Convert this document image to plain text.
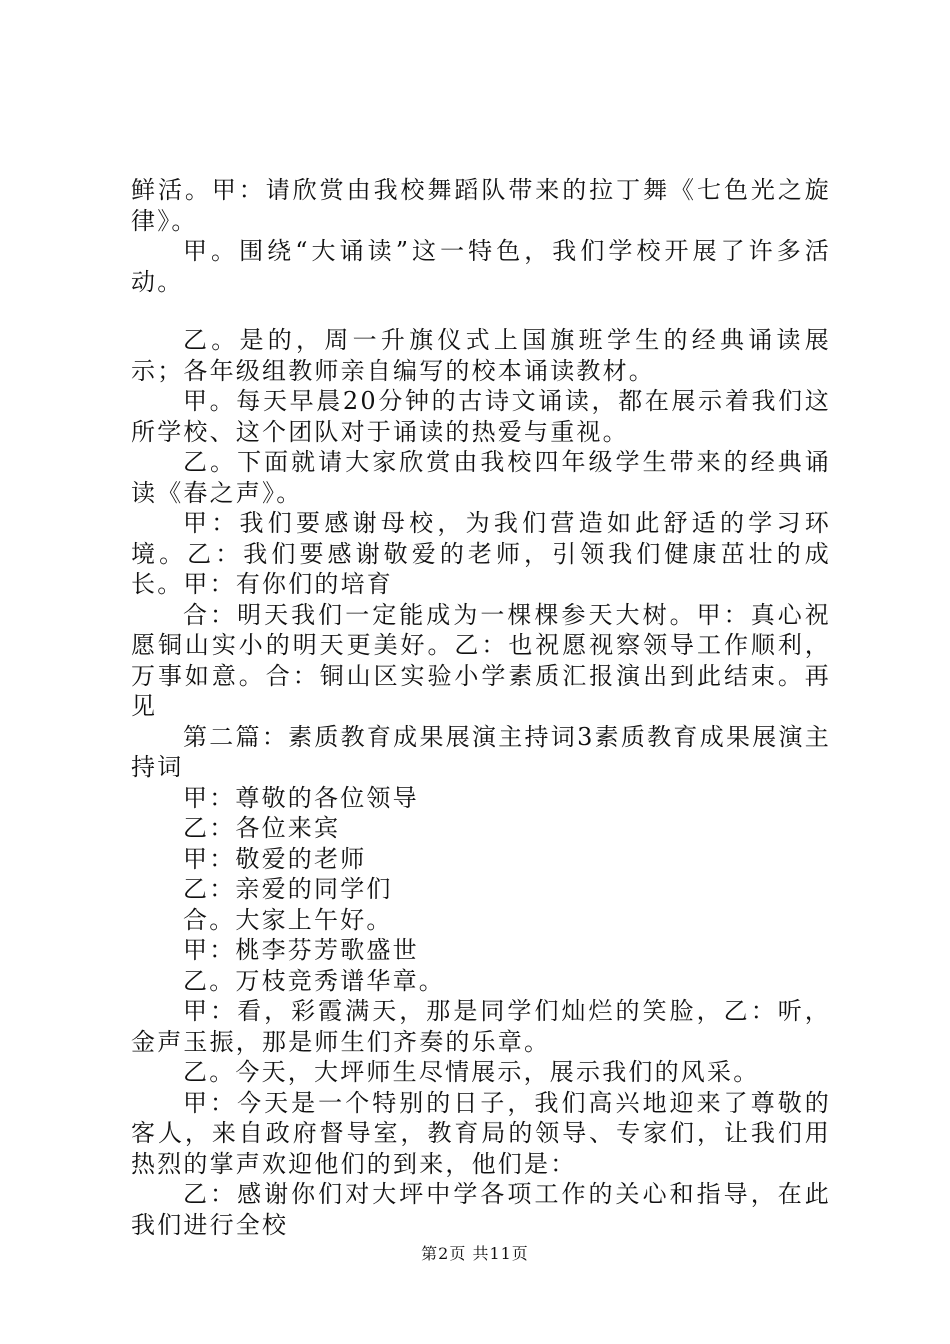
鲜活。甲：请欣赏由我校舞蹈队带来的拉丁舞《七色光之旋律》。

甲。围绕“大诵读”这一特色，我们学校开展了许多活动。

乙。是的，周一升旗仪式上国旗班学生的经典诵读展示；各年级组教师亲自编写的校本诵读教材。

甲。每天早晨20分钟的古诗文诵读，都在展示着我们这所学校、这个团队对于诵读的热爱与重视。

乙。下面就请大家欣赏由我校四年级学生带来的经典诵读《春之声》。

甲：我们要感谢母校，为我们营造如此舒适的学习环境。乙：我们要感谢敬爱的老师，引领我们健康茁壮的成长。甲：有你们的培育

合：明天我们一定能成为一棵棵参天大树。甲：真心祝愿铜山实小的明天更美好。乙：也祝愿视察领导工作顺利，万事如意。合：铜山区实验小学素质汇报演出到此结束。再见

第二篇：素质教育成果展演主持词3素质教育成果展演主持词

甲：尊敬的各位领导

乙：各位来宾

甲：敬爱的老师

乙：亲爱的同学们

合。大家上午好。

甲：桃李芬芳歌盛世

乙。万枝竞秀谱华章。

甲：看，彩霞满天，那是同学们灿烂的笑脸，乙：听，金声玉振，那是师生们齐奏的乐章。

乙。今天，大坪师生尽情展示，展示我们的风采。

甲：今天是一个特别的日子，我们高兴地迎来了尊敬的客人，来自政府督导室，教育局的领导、专家们，让我们用热烈的掌声欢迎他们的到来，他们是：

乙：感谢你们对大坪中学各项工作的关心和指导，在此我们进行全校

第2页 共11页
